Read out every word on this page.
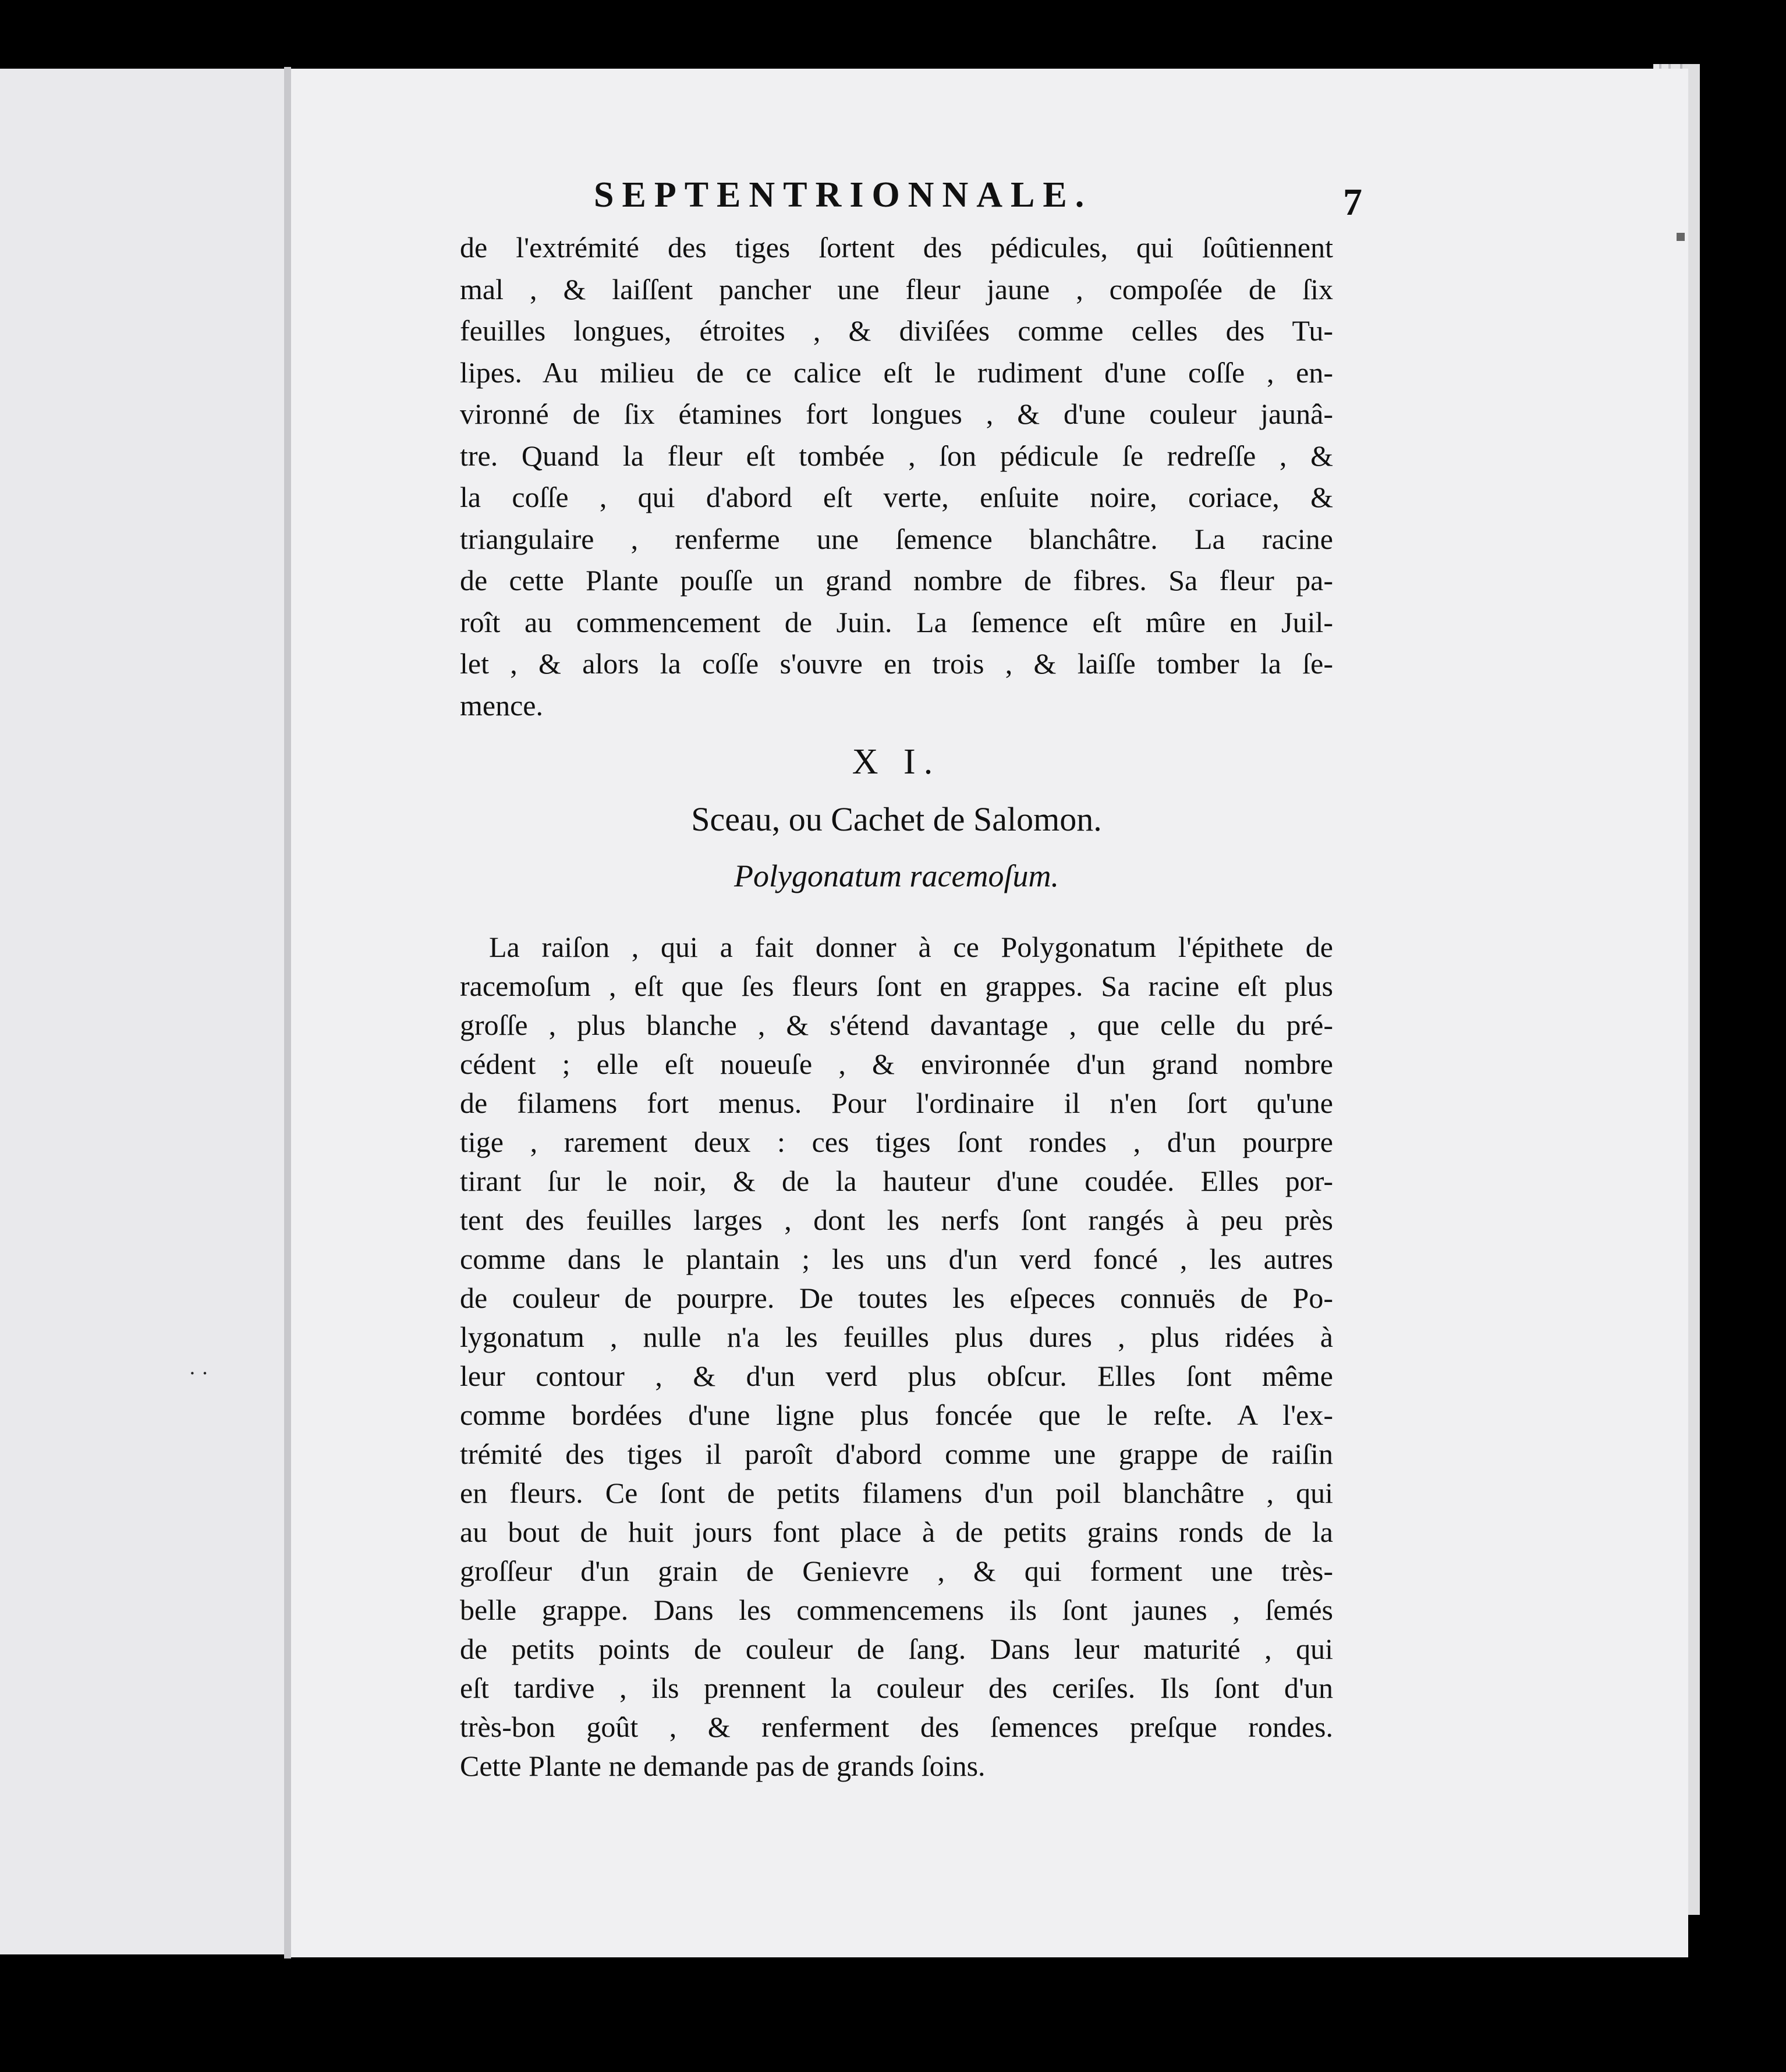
· ·
SEPTENTRIONNALE.	7
de l'extrémité des tiges ſortent des pédicules, qui ſoûtiennent
mal , & laiſſent pancher une fleur jaune , compoſée de ſix
feuilles longues, étroites , & diviſées comme celles des Tu-
lipes. Au milieu de ce calice eſt le rudiment d'une coſſe , en-
vironné de ſix étamines fort longues , & d'une couleur jaunâ-
tre. Quand la fleur eſt tombée , ſon pédicule ſe redreſſe , &
la coſſe , qui d'abord eſt verte, enſuite noire, coriace, &
triangulaire , renferme une ſemence blanchâtre. La racine
de cette Plante pouſſe un grand nombre de fibres. Sa fleur pa-
roît au commencement de Juin. La ſemence eſt mûre en Juil-
let , & alors la coſſe s'ouvre en trois , & laiſſe tomber la ſe-
mence.
X I.
Sceau, ou Cachet de Salomon.
Polygonatum racemoſum.
La raiſon , qui a fait donner à ce Polygonatum l'épithete de
racemoſum , eſt que ſes fleurs ſont en grappes. Sa racine eſt plus
groſſe , plus blanche , & s'étend davantage , que celle du pré-
cédent ; elle eſt noueuſe , & environnée d'un grand nombre
de filamens fort menus. Pour l'ordinaire il n'en ſort qu'une
tige , rarement deux : ces tiges ſont rondes , d'un pourpre
tirant ſur le noir, & de la hauteur d'une coudée. Elles por-
tent des feuilles larges , dont les nerfs ſont rangés à peu près
comme dans le plantain ; les uns d'un verd foncé , les autres
de couleur de pourpre. De toutes les eſpeces connuës de Po-
lygonatum , nulle n'a les feuilles plus dures , plus ridées à
leur contour , & d'un verd plus obſcur. Elles ſont même
comme bordées d'une ligne plus foncée que le reſte. A l'ex-
trémité des tiges il paroît d'abord comme une grappe de raiſin
en fleurs. Ce ſont de petits filamens d'un poil blanchâtre , qui
au bout de huit jours font place à de petits grains ronds de la
groſſeur d'un grain de Genievre , & qui forment une très-
belle grappe. Dans les commencemens ils ſont jaunes , ſemés
de petits points de couleur de ſang. Dans leur maturité , qui
eſt tardive , ils prennent la couleur des ceriſes. Ils ſont d'un
très-bon goût , & renferment des ſemences preſque rondes.
Cette Plante ne demande pas de grands ſoins.
